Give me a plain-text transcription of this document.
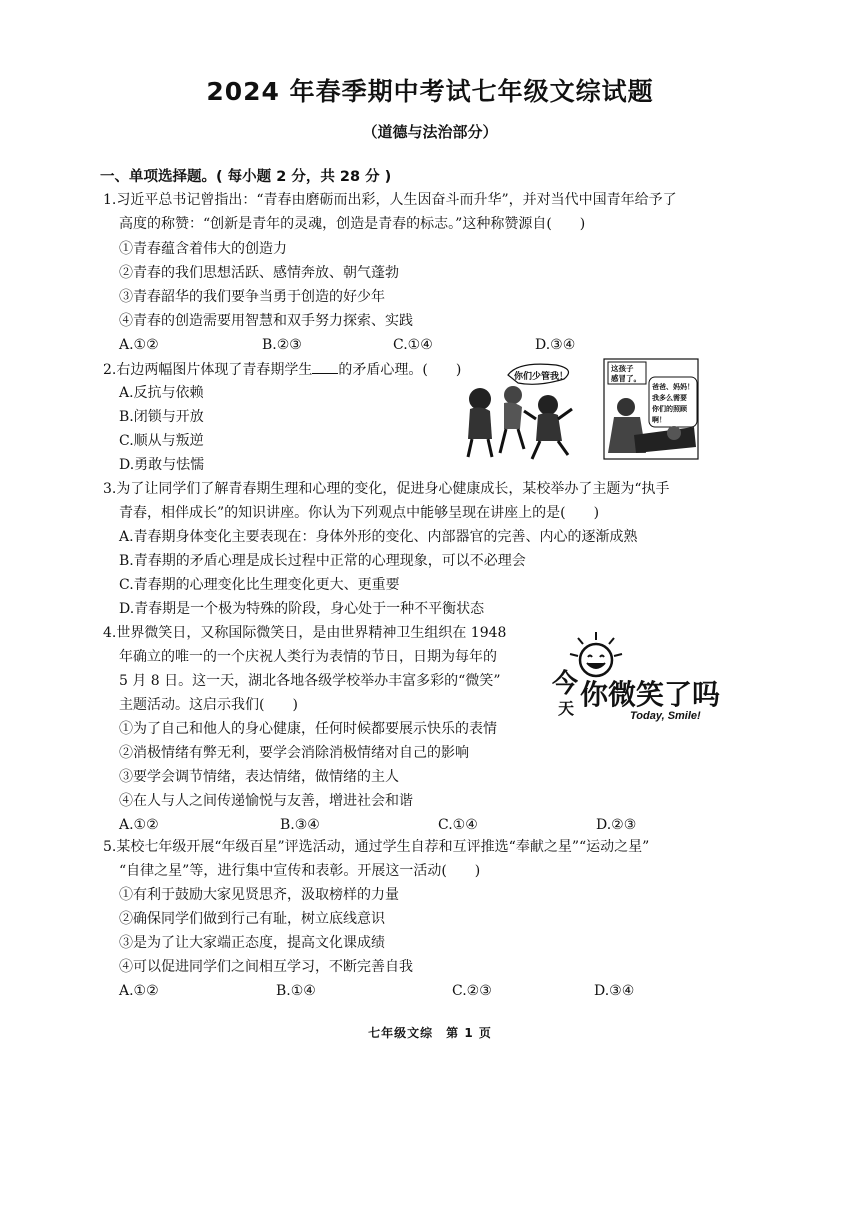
2024 年春季期中考试七年级文综试题
（道德与法治部分）
一、单项选择题。( 每小题 2 分，共 28 分 )
1.习近平总书记曾指出：“青春由磨砺而出彩，人生因奋斗而升华”，并对当代中国青年给予了
高度的称赞：“创新是青年的灵魂，创造是青春的标志。”这种称赞源自(　　)
①青春蕴含着伟大的创造力
②青春的我们思想活跃、感情奔放、朝气蓬勃
③青春韶华的我们要争当勇于创造的好少年
④青春的创造需要用智慧和双手努力探索、实践
A.①②	B.②③	C.①④	D.③④
2.右边两幅图片体现了青春期学生 的矛盾心理。(　　)
A.反抗与依赖
B.闭锁与开放
C.顺从与叛逆
D.勇敢与怯懦
你们少管我！
这孩子
感冒了。
爸爸、妈妈！
我多么需要
你们的照顾
啊！
3.为了让同学们了解青春期生理和心理的变化，促进身心健康成长，某校举办了主题为“执手
青春，相伴成长”的知识讲座。你认为下列观点中能够呈现在讲座上的是(　　)
A.青春期身体变化主要表现在：身体外形的变化、内部器官的完善、内心的逐渐成熟
B.青春期的矛盾心理是成长过程中正常的心理现象，可以不必理会
C.青春期的心理变化比生理变化更大、更重要
D.青春期是一个极为特殊的阶段，身心处于一种不平衡状态
4.世界微笑日，又称国际微笑日，是由世界精神卫生组织在 1948
年确立的唯一的一个庆祝人类行为表情的节日，日期为每年的
5 月 8 日。这一天，湖北各地各级学校举办丰富多彩的“微笑”
主题活动。这启示我们(　　)
①为了自己和他人的身心健康，任何时候都要展示快乐的表情
②消极情绪有弊无利，要学会消除消极情绪对自己的影响
③要学会调节情绪，表达情绪，做情绪的主人
④在人与人之间传递愉悦与友善，增进社会和谐
A.①②	B.③④	C.①④	D.②③
今
天 你微笑了吗
Today, Smile!
5.某校七年级开展“年级百星”评选活动，通过学生自荐和互评推选“奉献之星”“运动之星”
“自律之星”等，进行集中宣传和表彰。开展这一活动(　　)
①有利于鼓励大家见贤思齐，汲取榜样的力量
②确保同学们做到行己有耻，树立底线意识
③是为了让大家端正态度，提高文化课成绩
④可以促进同学们之间相互学习，不断完善自我
A.①②	B.①④	C.②③	D.③④
七年级文综　第 1 页
